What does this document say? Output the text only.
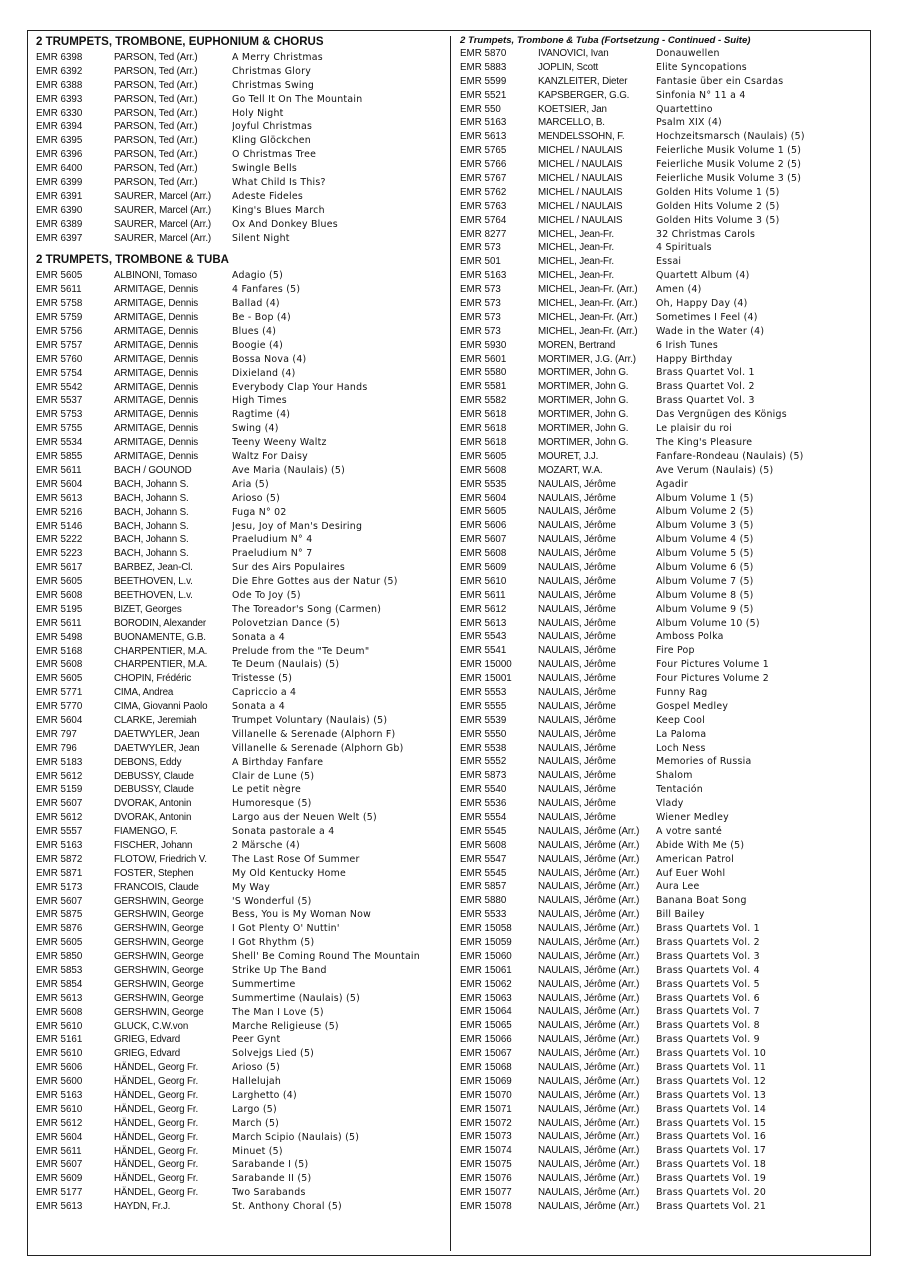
2 TRUMPETS, TROMBONE, EUPHONIUM & CHORUS
EMR 6398	PARSON, Ted (Arr.)	A Merry Christmas
EMR 6392	PARSON, Ted (Arr.)	Christmas Glory
EMR 6388	PARSON, Ted (Arr.)	Christmas Swing
EMR 6393	PARSON, Ted (Arr.)	Go Tell It On The Mountain
EMR 6330	PARSON, Ted (Arr.)	Holy Night
EMR 6394	PARSON, Ted (Arr.)	Joyful Christmas
EMR 6395	PARSON, Ted (Arr.)	Kling Glöckchen
EMR 6396	PARSON, Ted (Arr.)	O Christmas Tree
EMR 6400	PARSON, Ted (Arr.)	Swingle Bells
EMR 6399	PARSON, Ted (Arr.)	What Child Is This?
EMR 6391	SAURER, Marcel (Arr.)	Adeste Fideles
EMR 6390	SAURER, Marcel (Arr.)	King's Blues March
EMR 6389	SAURER, Marcel (Arr.)	Ox And Donkey Blues
EMR 6397	SAURER, Marcel (Arr.)	Silent Night
2 TRUMPETS, TROMBONE & TUBA
EMR 5605	ALBINONI, Tomaso	Adagio (5)
EMR 5611	ARMITAGE, Dennis	4 Fanfares (5)
EMR 5758	ARMITAGE, Dennis	Ballad (4)
EMR 5759	ARMITAGE, Dennis	Be - Bop (4)
EMR 5756	ARMITAGE, Dennis	Blues (4)
EMR 5757	ARMITAGE, Dennis	Boogie (4)
EMR 5760	ARMITAGE, Dennis	Bossa Nova (4)
EMR 5754	ARMITAGE, Dennis	Dixieland (4)
EMR 5542	ARMITAGE, Dennis	Everybody Clap Your Hands
EMR 5537	ARMITAGE, Dennis	High Times
EMR 5753	ARMITAGE, Dennis	Ragtime (4)
EMR 5755	ARMITAGE, Dennis	Swing (4)
EMR 5534	ARMITAGE, Dennis	Teeny Weeny Waltz
EMR 5855	ARMITAGE, Dennis	Waltz For Daisy
EMR 5611	BACH / GOUNOD	Ave Maria (Naulais) (5)
EMR 5604	BACH, Johann S.	Aria (5)
EMR 5613	BACH, Johann S.	Arioso (5)
EMR 5216	BACH, Johann S.	Fuga N° 02
EMR 5146	BACH, Johann S.	Jesu, Joy of Man's Desiring
EMR 5222	BACH, Johann S.	Praeludium N° 4
EMR 5223	BACH, Johann S.	Praeludium N° 7
EMR 5617	BARBEZ, Jean-Cl.	Sur des Airs Populaires
EMR 5605	BEETHOVEN, L.v.	Die Ehre Gottes aus der Natur (5)
EMR 5608	BEETHOVEN, L.v.	Ode To Joy (5)
EMR 5195	BIZET, Georges	The Toreador's Song (Carmen)
EMR 5611	BORODIN, Alexander	Polovetzian Dance (5)
EMR 5498	BUONAMENTE, G.B.	Sonata a 4
EMR 5168	CHARPENTIER, M.A.	Prelude from the "Te Deum"
EMR 5608	CHARPENTIER, M.A.	Te Deum (Naulais) (5)
EMR 5605	CHOPIN, Frédéric	Tristesse (5)
EMR 5771	CIMA, Andrea	Capriccio a 4
EMR 5770	CIMA, Giovanni Paolo	Sonata a 4
EMR 5604	CLARKE, Jeremiah	Trumpet Voluntary (Naulais) (5)
EMR 797	DAETWYLER, Jean	Villanelle & Serenade (Alphorn F)
EMR 796	DAETWYLER, Jean	Villanelle & Serenade (Alphorn Gb)
EMR 5183	DEBONS, Eddy	A Birthday Fanfare
EMR 5612	DEBUSSY, Claude	Clair de Lune (5)
EMR 5159	DEBUSSY, Claude	Le petit nègre
EMR 5607	DVORAK, Antonin	Humoresque (5)
EMR 5612	DVORAK, Antonin	Largo aus der Neuen Welt (5)
EMR 5557	FIAMENGO, F.	Sonata pastorale a 4
EMR 5163	FISCHER, Johann	2 Märsche (4)
EMR 5872	FLOTOW, Friedrich V.	The Last Rose Of Summer
EMR 5871	FOSTER, Stephen	My Old Kentucky Home
EMR 5173	FRANCOIS, Claude	My Way
EMR 5607	GERSHWIN, George	'S Wonderful (5)
EMR 5875	GERSHWIN, George	Bess, You is My Woman Now
EMR 5876	GERSHWIN, George	I Got Plenty O' Nuttin'
EMR 5605	GERSHWIN, George	I Got Rhythm (5)
EMR 5850	GERSHWIN, George	Shell' Be Coming Round The Mountain
EMR 5853	GERSHWIN, George	Strike Up The Band
EMR 5854	GERSHWIN, George	Summertime
EMR 5613	GERSHWIN, George	Summertime (Naulais) (5)
EMR 5608	GERSHWIN, George	The Man I Love (5)
EMR 5610	GLUCK, C.W.von	Marche Religieuse (5)
EMR 5161	GRIEG, Edvard	Peer Gynt
EMR 5610	GRIEG, Edvard	Solvejgs Lied (5)
EMR 5606	HÄNDEL, Georg Fr.	Arioso (5)
EMR 5600	HÄNDEL, Georg Fr.	Hallelujah
EMR 5163	HÄNDEL, Georg Fr.	Larghetto (4)
EMR 5610	HÄNDEL, Georg Fr.	Largo (5)
EMR 5612	HÄNDEL, Georg Fr.	March (5)
EMR 5604	HÄNDEL, Georg Fr.	March Scipio (Naulais) (5)
EMR 5611	HÄNDEL, Georg Fr.	Minuet (5)
EMR 5607	HÄNDEL, Georg Fr.	Sarabande I (5)
EMR 5609	HÄNDEL, Georg Fr.	Sarabande II (5)
EMR 5177	HÄNDEL, Georg Fr.	Two Sarabands
EMR 5613	HAYDN, Fr.J.	St. Anthony Choral (5)
2 Trumpets, Trombone & Tuba (Fortsetzung - Continued - Suite)
EMR 5870	IVANOVICI, Ivan	Donauwellen
EMR 5883	JOPLIN, Scott	Elite Syncopations
EMR 5599	KANZLEITER, Dieter	Fantasie über ein Csardas
EMR 5521	KAPSBERGER, G.G.	Sinfonia N° 11 a 4
EMR 550	KOETSIER, Jan	Quartettino
EMR 5163	MARCELLO, B.	Psalm XIX (4)
EMR 5613	MENDELSSOHN, F.	Hochzeitsmarsch (Naulais) (5)
EMR 5765	MICHEL / NAULAIS	Feierliche Musik Volume 1 (5)
EMR 5766	MICHEL / NAULAIS	Feierliche Musik Volume 2 (5)
EMR 5767	MICHEL / NAULAIS	Feierliche Musik Volume 3 (5)
EMR 5762	MICHEL / NAULAIS	Golden Hits Volume 1 (5)
EMR 5763	MICHEL / NAULAIS	Golden Hits Volume 2 (5)
EMR 5764	MICHEL / NAULAIS	Golden Hits Volume 3 (5)
EMR 8277	MICHEL, Jean-Fr.	32 Christmas Carols
EMR 573	MICHEL, Jean-Fr.	4 Spirituals
EMR 501	MICHEL, Jean-Fr.	Essai
EMR 5163	MICHEL, Jean-Fr.	Quartett Album (4)
EMR 573	MICHEL, Jean-Fr. (Arr.)	Amen (4)
EMR 573	MICHEL, Jean-Fr. (Arr.)	Oh, Happy Day (4)
EMR 573	MICHEL, Jean-Fr. (Arr.)	Sometimes I Feel (4)
EMR 573	MICHEL, Jean-Fr. (Arr.)	Wade in the Water (4)
EMR 5930	MOREN, Bertrand	6 Irish Tunes
EMR 5601	MORTIMER, J.G. (Arr.)	Happy Birthday
EMR 5580	MORTIMER, John G.	Brass Quartet Vol. 1
EMR 5581	MORTIMER, John G.	Brass Quartet Vol. 2
EMR 5582	MORTIMER, John G.	Brass Quartet Vol. 3
EMR 5618	MORTIMER, John G.	Das Vergnügen des Königs
EMR 5618	MORTIMER, John G.	Le plaisir du roi
EMR 5618	MORTIMER, John G.	The King's Pleasure
EMR 5605	MOURET, J.J.	Fanfare-Rondeau (Naulais) (5)
EMR 5608	MOZART, W.A.	Ave Verum (Naulais) (5)
EMR 5535	NAULAIS, Jérôme	Agadir
EMR 5604	NAULAIS, Jérôme	Album Volume 1 (5)
EMR 5605	NAULAIS, Jérôme	Album Volume 2 (5)
EMR 5606	NAULAIS, Jérôme	Album Volume 3 (5)
EMR 5607	NAULAIS, Jérôme	Album Volume 4 (5)
EMR 5608	NAULAIS, Jérôme	Album Volume 5 (5)
EMR 5609	NAULAIS, Jérôme	Album Volume 6 (5)
EMR 5610	NAULAIS, Jérôme	Album Volume 7 (5)
EMR 5611	NAULAIS, Jérôme	Album Volume 8 (5)
EMR 5612	NAULAIS, Jérôme	Album Volume 9 (5)
EMR 5613	NAULAIS, Jérôme	Album Volume 10 (5)
EMR 5543	NAULAIS, Jérôme	Amboss Polka
EMR 5541	NAULAIS, Jérôme	Fire Pop
EMR 15000	NAULAIS, Jérôme	Four Pictures Volume 1
EMR 15001	NAULAIS, Jérôme	Four Pictures Volume 2
EMR 5553	NAULAIS, Jérôme	Funny Rag
EMR 5555	NAULAIS, Jérôme	Gospel Medley
EMR 5539	NAULAIS, Jérôme	Keep Cool
EMR 5550	NAULAIS, Jérôme	La Paloma
EMR 5538	NAULAIS, Jérôme	Loch Ness
EMR 5552	NAULAIS, Jérôme	Memories of Russia
EMR 5873	NAULAIS, Jérôme	Shalom
EMR 5540	NAULAIS, Jérôme	Tentación
EMR 5536	NAULAIS, Jérôme	Vlady
EMR 5554	NAULAIS, Jérôme	Wiener Medley
EMR 5545	NAULAIS, Jérôme (Arr.)	A votre santé
EMR 5608	NAULAIS, Jérôme (Arr.)	Abide With Me (5)
EMR 5547	NAULAIS, Jérôme (Arr.)	American Patrol
EMR 5545	NAULAIS, Jérôme (Arr.)	Auf Euer Wohl
EMR 5857	NAULAIS, Jérôme (Arr.)	Aura Lee
EMR 5880	NAULAIS, Jérôme (Arr.)	Banana Boat Song
EMR 5533	NAULAIS, Jérôme (Arr.)	Bill Bailey
EMR 15058	NAULAIS, Jérôme (Arr.)	Brass Quartets Vol. 1
EMR 15059	NAULAIS, Jérôme (Arr.)	Brass Quartets Vol. 2
EMR 15060	NAULAIS, Jérôme (Arr.)	Brass Quartets Vol. 3
EMR 15061	NAULAIS, Jérôme (Arr.)	Brass Quartets Vol. 4
EMR 15062	NAULAIS, Jérôme (Arr.)	Brass Quartets Vol. 5
EMR 15063	NAULAIS, Jérôme (Arr.)	Brass Quartets Vol. 6
EMR 15064	NAULAIS, Jérôme (Arr.)	Brass Quartets Vol. 7
EMR 15065	NAULAIS, Jérôme (Arr.)	Brass Quartets Vol. 8
EMR 15066	NAULAIS, Jérôme (Arr.)	Brass Quartets Vol. 9
EMR 15067	NAULAIS, Jérôme (Arr.)	Brass Quartets Vol. 10
EMR 15068	NAULAIS, Jérôme (Arr.)	Brass Quartets Vol. 11
EMR 15069	NAULAIS, Jérôme (Arr.)	Brass Quartets Vol. 12
EMR 15070	NAULAIS, Jérôme (Arr.)	Brass Quartets Vol. 13
EMR 15071	NAULAIS, Jérôme (Arr.)	Brass Quartets Vol. 14
EMR 15072	NAULAIS, Jérôme (Arr.)	Brass Quartets Vol. 15
EMR 15073	NAULAIS, Jérôme (Arr.)	Brass Quartets Vol. 16
EMR 15074	NAULAIS, Jérôme (Arr.)	Brass Quartets Vol. 17
EMR 15075	NAULAIS, Jérôme (Arr.)	Brass Quartets Vol. 18
EMR 15076	NAULAIS, Jérôme (Arr.)	Brass Quartets Vol. 19
EMR 15077	NAULAIS, Jérôme (Arr.)	Brass Quartets Vol. 20
EMR 15078	NAULAIS, Jérôme (Arr.)	Brass Quartets Vol. 21
